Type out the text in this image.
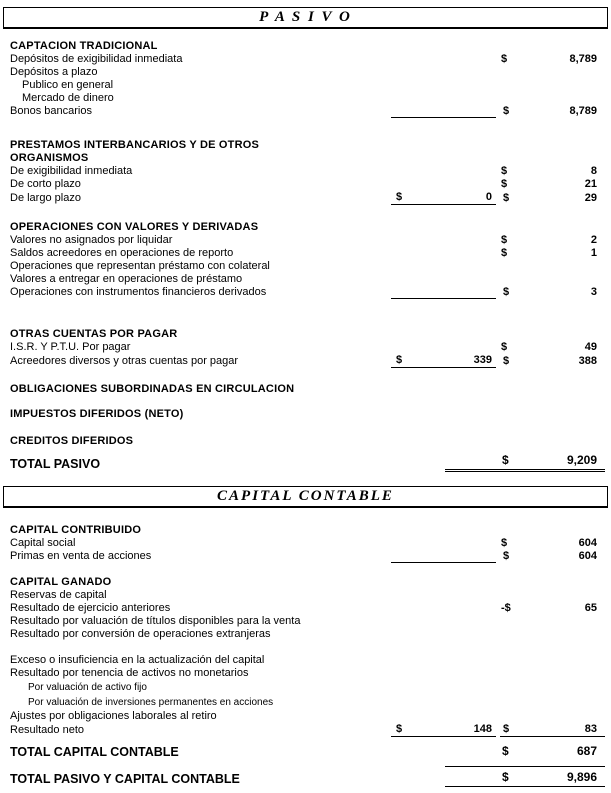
P A S I V O
CAPTACION TRADICIONAL
Depósitos de exigibilidad inmediata	$	8,789
Depósitos a plazo
Publico en general
Mercado de dinero
Bonos bancarios	$	8,789
PRESTAMOS INTERBANCARIOS Y DE OTROS
ORGANISMOS
De exigibilidad inmediata	$	8
De corto plazo	$	21
De largo plazo	$	0 $	29
OPERACIONES CON VALORES Y DERIVADAS
Valores no asignados por liquidar	$	2
Saldos acreedores en operaciones de reporto	$	1
Operaciones que representan préstamo con colateral
Valores a entregar en operaciones de préstamo
Operaciones con instrumentos financieros derivados	$	3
OTRAS CUENTAS POR PAGAR
I.S.R. Y P.T.U. Por pagar	$	49
Acreedores diversos y otras cuentas por pagar	$	339 $	388
OBLIGACIONES SUBORDINADAS EN CIRCULACION
IMPUESTOS DIFERIDOS (NETO)
CREDITOS DIFERIDOS
TOTAL PASIVO	$	9,209
CAPITAL CONTABLE
CAPITAL CONTRIBUIDO
Capital social	$	604
Primas en venta de acciones	$	604
CAPITAL GANADO
Reservas de capital
Resultado de ejercicio anteriores	-$	65
Resultado por valuación de títulos disponibles para la venta
Resultado por conversión de operaciones extranjeras
Exceso o insuficiencia en la actualización del capital
Resultado por tenencia de activos no monetarios
Por valuación de activo fijo
Por valuación de inversiones permanentes en acciones
Ajustes por obligaciones laborales al retiro
Resultado neto	$	148 $	83
TOTAL CAPITAL CONTABLE	$	687
TOTAL PASIVO Y CAPITAL CONTABLE	$	9,896
